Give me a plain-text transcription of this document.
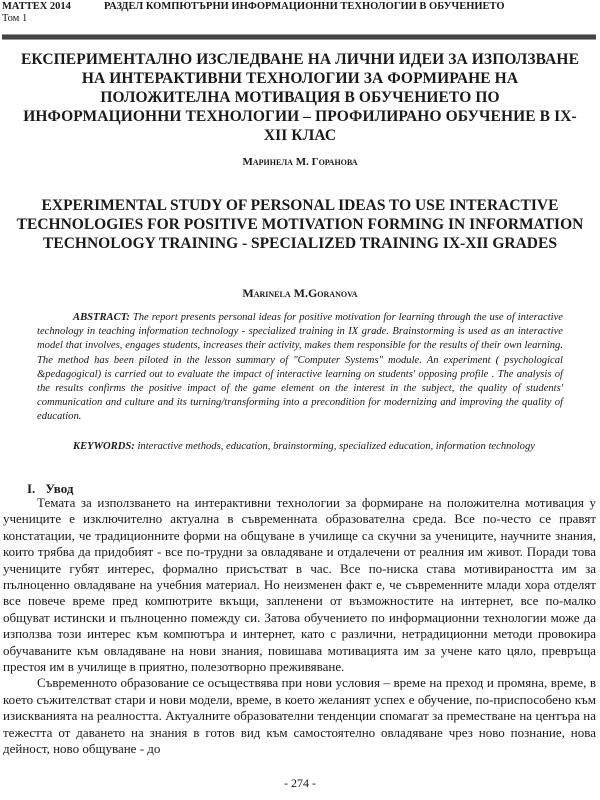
MATTEX 2014
Том 1
РАЗДЕЛ КОМПЮТЪРНИ ИНФОРМАЦИОННИ ТЕХНОЛОГИИ В ОБУЧЕНИЕТО
ЕКСПЕРИМЕНТАЛНО ИЗСЛЕДВАНЕ НА ЛИЧНИ ИДЕИ ЗА ИЗПОЛЗВАНЕ НА ИНТЕРАКТИВНИ ТЕХНОЛОГИИ ЗА ФОРМИРАНЕ НА ПОЛОЖИТЕЛНА МОТИВАЦИЯ В ОБУЧЕНИЕТО ПО ИНФОРМАЦИОННИ ТЕХНОЛОГИИ – ПРОФИЛИРАНО ОБУЧЕНИЕ В IX-XII КЛАС
Маринела М. Горанова
EXPERIMENTAL STUDY OF PERSONAL IDEAS TO USE INTERACTIVE TECHNOLOGIES FOR POSITIVE MOTIVATION FORMING IN INFORMATION TECHNOLOGY TRAINING - SPECIALIZED TRAINING IX-XII GRADES
Marinela M.Goranova
ABSTRACT: The report presents personal ideas for positive motivation for learning through the use of interactive technology in teaching information technology - specialized training in IX grade. Brainstorming is used as an interactive model that involves, engages students, increases their activity, makes them responsible for the results of their own learning. The method has been piloted in the lesson summary of "Computer Systems" module. An experiment ( psychological &pedagogical) is carried out to evaluate the impact of interactive learning on students' opposing profile . The analysis of the results confirms the positive impact of the game element on the interest in the subject, the quality of students' communication and culture and its turning/transforming into a precondition for modernizing and improving the quality of education.
KEYWORDS: interactive methods, education, brainstorming, specialized education, information technology
I. Увод

Темата за използването на интерактивни технологии за формиране на положителна мотивация у учениците е изключително актуална в съвременната образователна среда. Все по-често се правят констатации, че традиционните форми на общуване в училище са скучни за учениците, научните знания, които трябва да придобият - все по-трудни за овладяване и отдалечени от реалния им живот. Поради това учениците губят интерес, формално присъстват в час. Все по-ниска става мотивираността им за пълноценно овладяване на учебния материал. Но неизменен факт е, че съвременните млади хора отделят все повече време пред компютрите вкъщи, запленени от възможностите на интернет, все по-малко общуват истински и пълноценно помежду си. Затова обучението по информационни технологии може да използва този интерес към компютъра и интернет, като с различни, нетрадиционни методи провокира обучаваните към овладяване на нови знания, повишава мотивацията им за учене като цяло, превръща престоя им в училище в приятно, полезотворно преживяване.

Съвременното образование се осъществява при нови условия – време на преход и промяна, време, в което съжителстват стари и нови модели, време, в което желаният успех е обучение, по-приспособено към изискванията на реалността. Актуалните образователни тенденции спомагат за преместване на центъра на тежестта от даването на знания в готов вид към самостоятелно овладяване чрез ново познание, нова дейност, ново общуване - до

- 274 -
